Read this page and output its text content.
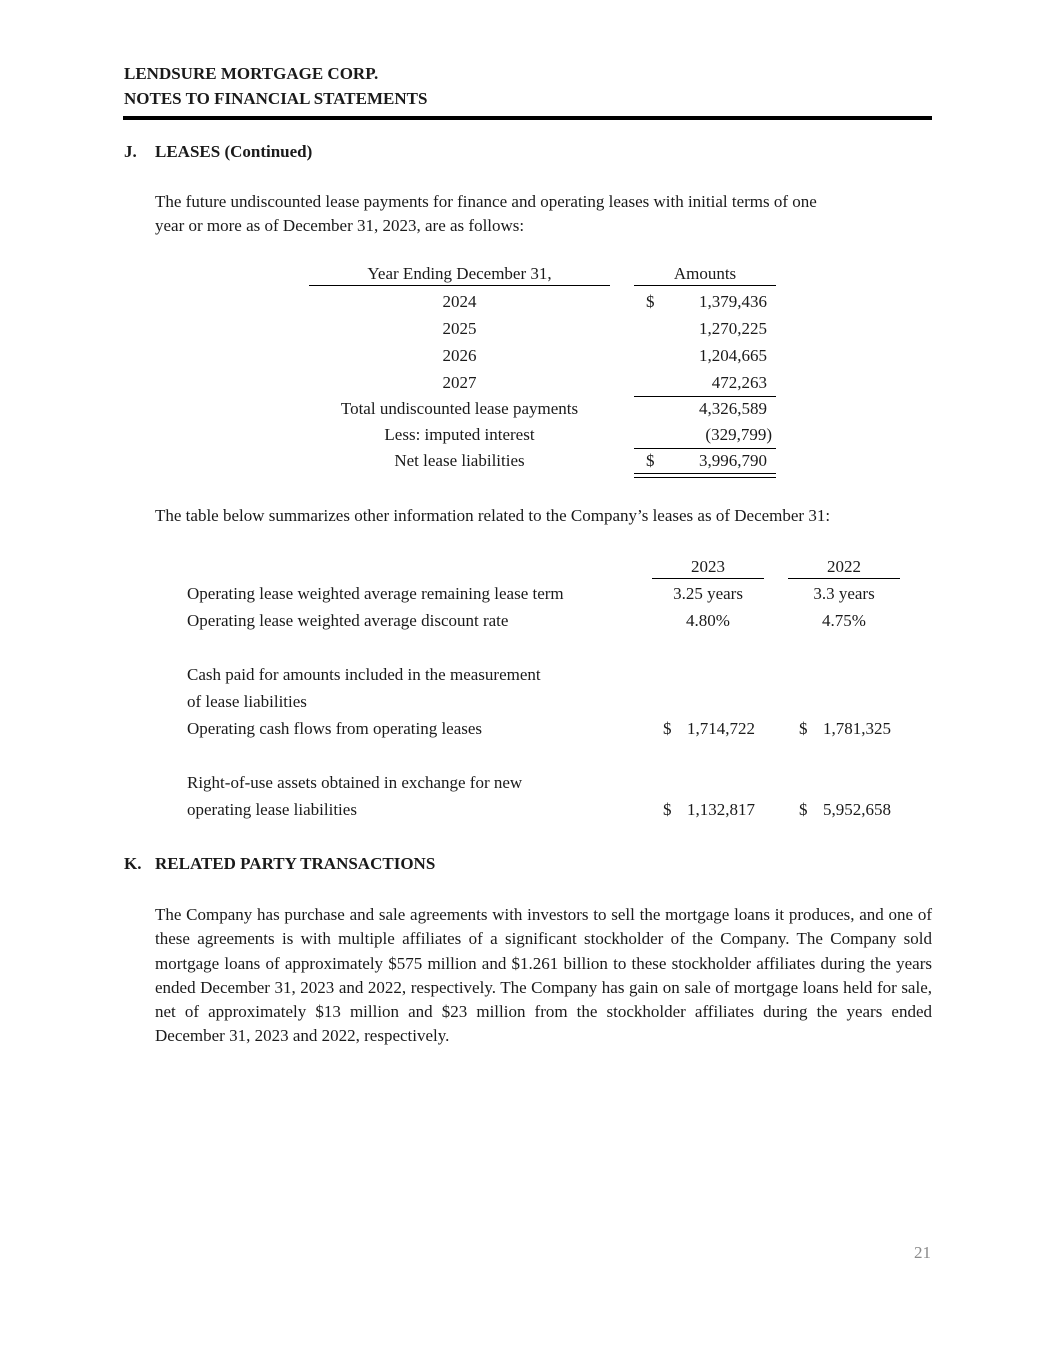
LENDSURE MORTGAGE CORP.
NOTES TO FINANCIAL STATEMENTS
J. LEASES (Continued)
The future undiscounted lease payments for finance and operating leases with initial terms of one
year or more as of December 31, 2023, are as follows:
Year Ending December 31,	Amounts
2024	$	1,379,436
2025	1,270,225
2026	1,204,665
2027	472,263
Total undiscounted lease payments	4,326,589
Less: imputed interest	(329,799)
Net lease liabilities	$	3,996,790
The table below summarizes other information related to the Company’s leases as of December 31:
2023	2022
Operating lease weighted average remaining lease term	3.25 years	3.3 years
Operating lease weighted average discount rate	4.80%	4.75%
Cash paid for amounts included in the measurement
of lease liabilities
Operating cash flows from operating leases	$ 1,714,722	$ 1,781,325
Right-of-use assets obtained in exchange for new
operating lease liabilities	$ 1,132,817	$ 5,952,658
K. RELATED PARTY TRANSACTIONS
The Company has purchase and sale agreements with investors to sell the mortgage loans it produces, and one of these agreements is with multiple affiliates of a significant stockholder of the Company. The Company sold mortgage loans of approximately $575 million and $1.261 billion to these stockholder affiliates during the years ended December 31, 2023 and 2022, respectively. The Company has gain on sale of mortgage loans held for sale, net of approximately $13 million and $23 million from the stockholder affiliates during the years ended December 31, 2023 and 2022, respectively.
21
